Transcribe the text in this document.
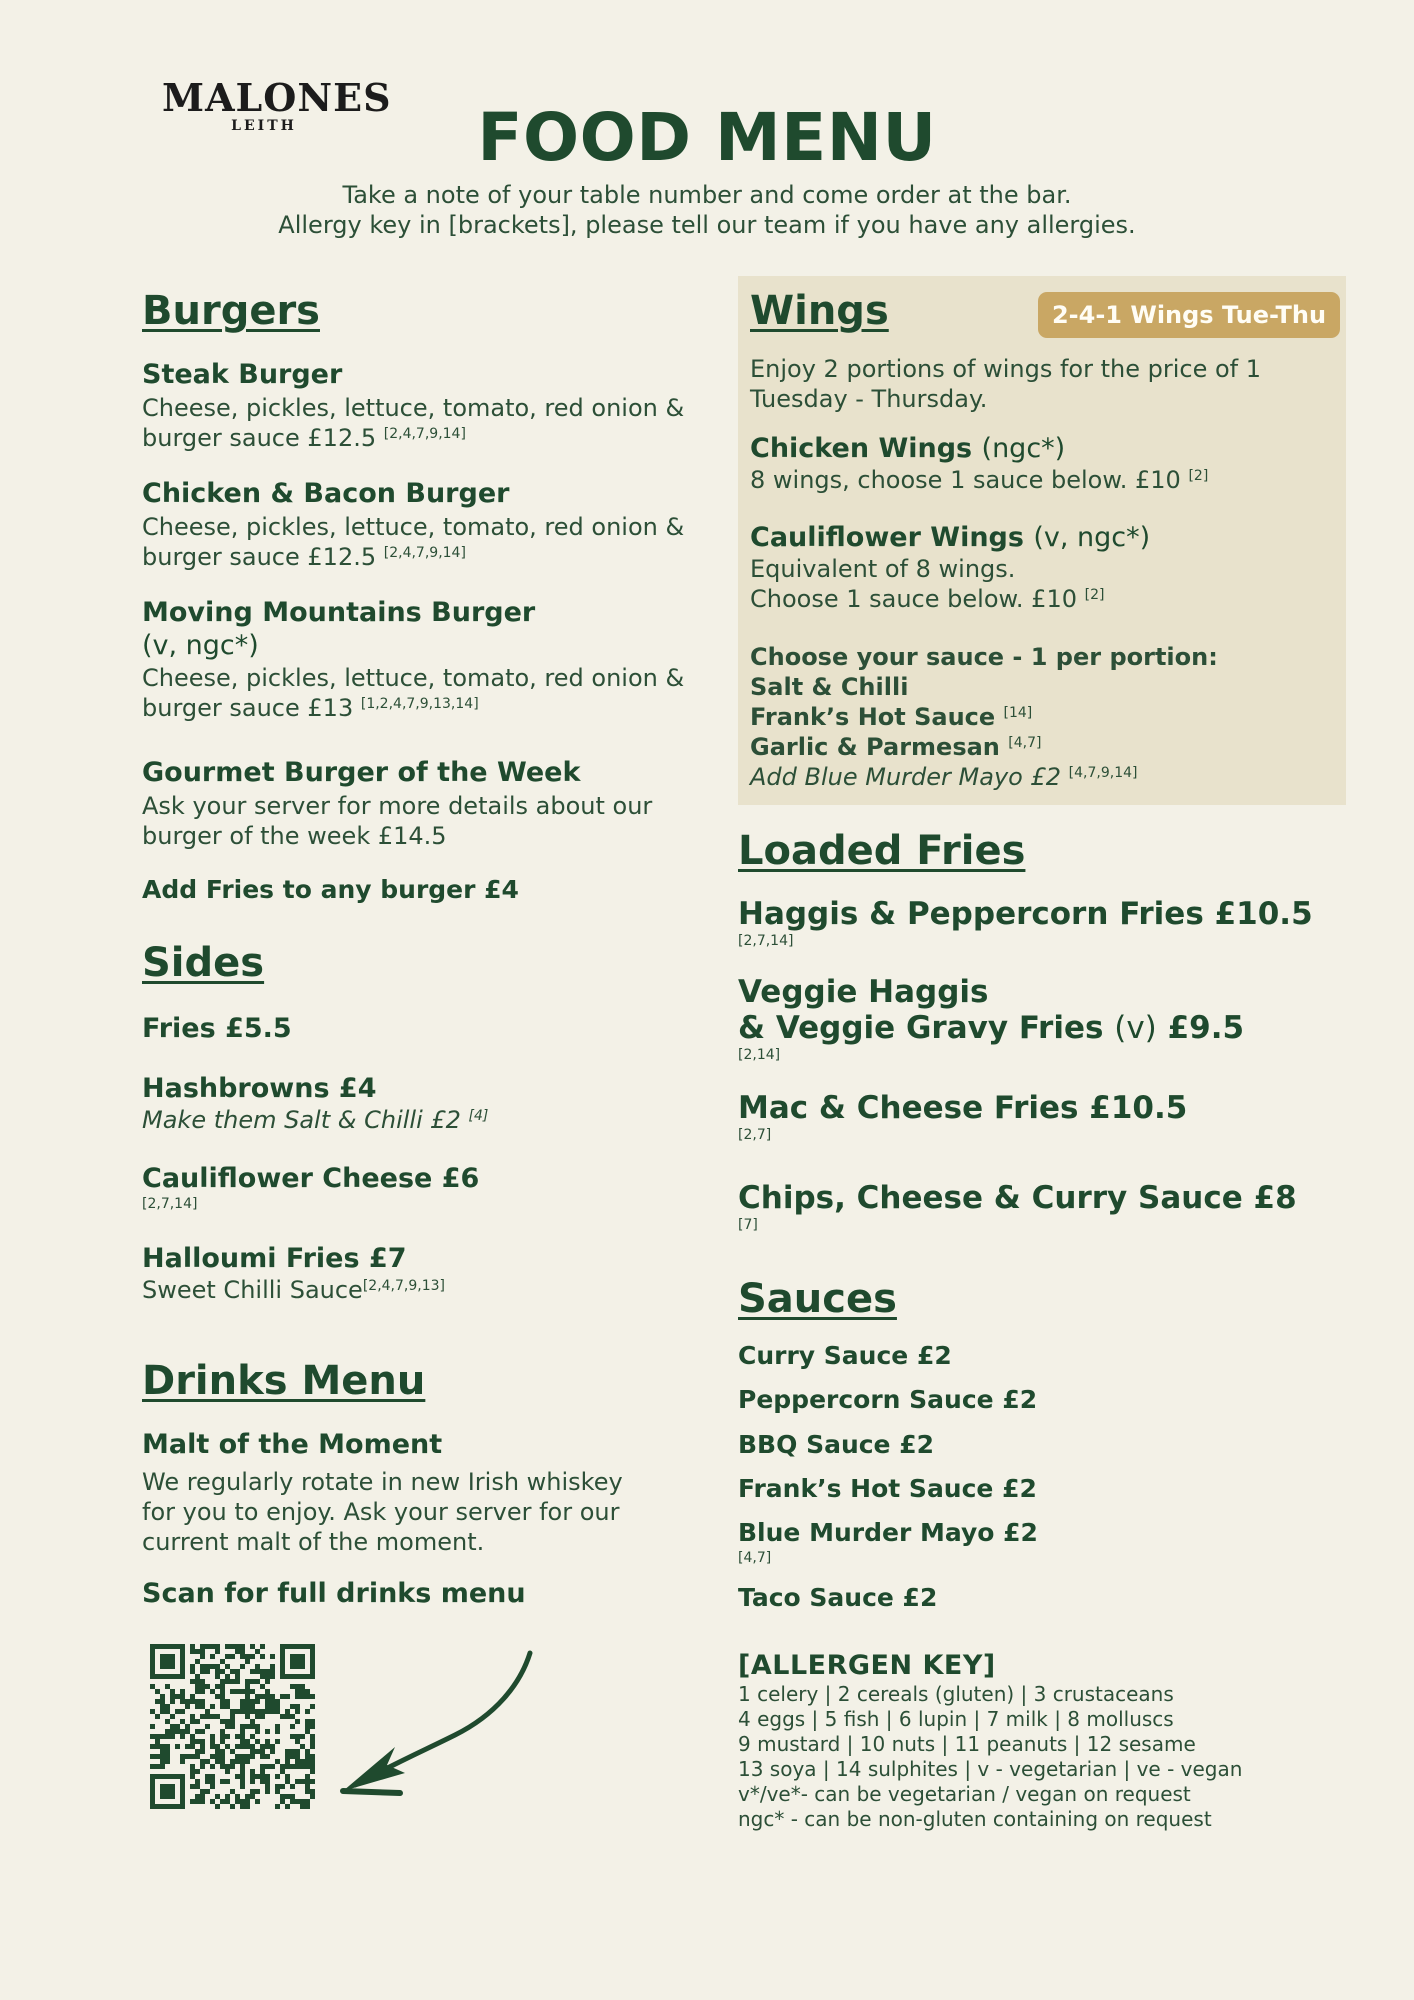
MALONES
LEITH	FOOD MENU
Take a note of your table number and come order at the bar.
Allergy key in [brackets], please tell our team if you have any allergies.
Burgers
Steak Burger
Cheese, pickles, lettuce, tomato, red onion &
burger sauce £12.5 [2,4,7,9,14]
Chicken & Bacon Burger
Cheese, pickles, lettuce, tomato, red onion &
burger sauce £12.5 [2,4,7,9,14]
Moving Mountains Burger
(v, ngc*)
Cheese, pickles, lettuce, tomato, red onion &
burger sauce £13 [1,2,4,7,9,13,14]
Gourmet Burger of the Week
Ask your server for more details about our
burger of the week £14.5
Add Fries to any burger £4
Sides
Fries £5.5
Hashbrowns £4
Make them Salt & Chilli £2 [4]
Cauliflower Cheese £6
[2,7,14]
Halloumi Fries £7
Sweet Chilli Sauce[2,4,7,9,13]
Drinks Menu
Malt of the Moment
We regularly rotate in new Irish whiskey
for you to enjoy. Ask your server for our
current malt of the moment.
Scan for full drinks menu
Wings	2-4-1 Wings Tue-Thu
Enjoy 2 portions of wings for the price of 1
Tuesday - Thursday.
Chicken Wings (ngc*)
8 wings, choose 1 sauce below. £10 [2]
Cauliflower Wings (v, ngc*)
Equivalent of 8 wings.
Choose 1 sauce below. £10 [2]
Choose your sauce - 1 per portion:
Salt & Chilli
Frank’s Hot Sauce [14]
Garlic & Parmesan [4,7]
Add Blue Murder Mayo £2 [4,7,9,14]
Loaded Fries
Haggis & Peppercorn Fries £10.5
[2,7,14]
Veggie Haggis
& Veggie Gravy Fries (v) £9.5
[2,14]
Mac & Cheese Fries £10.5
[2,7]
Chips, Cheese & Curry Sauce £8
[7]
Sauces
Curry Sauce £2
Peppercorn Sauce £2
BBQ Sauce £2
Frank’s Hot Sauce £2
Blue Murder Mayo £2
[4,7]
Taco Sauce £2
[ALLERGEN KEY]
1 celery | 2 cereals (gluten) | 3 crustaceans
4 eggs | 5 fish | 6 lupin | 7 milk | 8 molluscs
9 mustard | 10 nuts | 11 peanuts | 12 sesame
13 soya | 14 sulphites | v - vegetarian | ve - vegan
v*/ve*- can be vegetarian / vegan on request
ngc* - can be non-gluten containing on request
